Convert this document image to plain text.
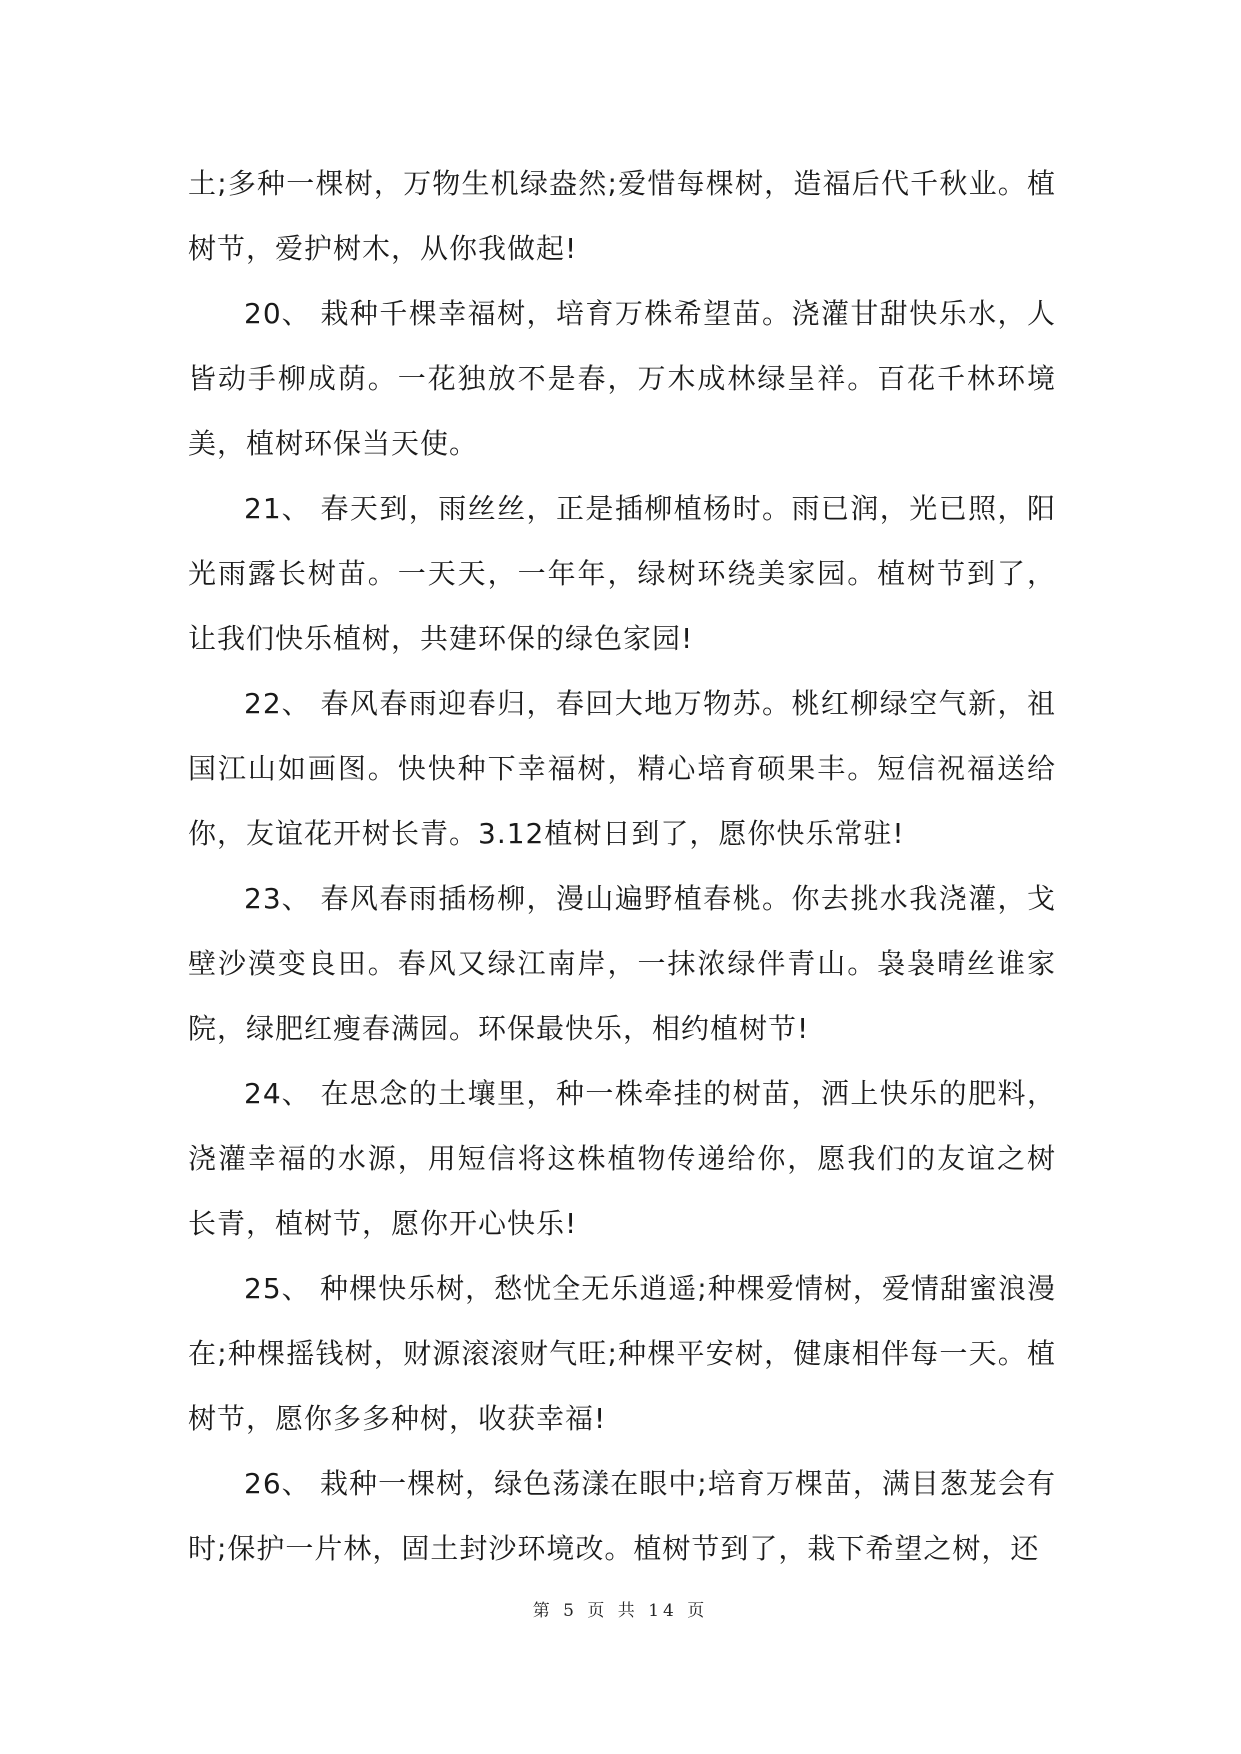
土;多种一棵树，万物生机绿盎然;爱惜每棵树，造福后代千秋业。植树节，爱护树木，从你我做起!

20、 栽种千棵幸福树，培育万株希望苗。浇灌甘甜快乐水，人皆动手柳成荫。一花独放不是春，万木成林绿呈祥。百花千林环境美，植树环保当天使。

21、 春天到，雨丝丝，正是插柳植杨时。雨已润，光已照，阳光雨露长树苗。一天天，一年年，绿树环绕美家园。植树节到了，让我们快乐植树，共建环保的绿色家园!

22、 春风春雨迎春归，春回大地万物苏。桃红柳绿空气新，祖国江山如画图。快快种下幸福树，精心培育硕果丰。短信祝福送给你，友谊花开树长青。3.12植树日到了，愿你快乐常驻!

23、 春风春雨插杨柳，漫山遍野植春桃。你去挑水我浇灌，戈壁沙漠变良田。春风又绿江南岸，一抹浓绿伴青山。袅袅晴丝谁家院，绿肥红瘦春满园。环保最快乐，相约植树节!

24、 在思念的土壤里，种一株牵挂的树苗，洒上快乐的肥料，浇灌幸福的水源，用短信将这株植物传递给你，愿我们的友谊之树长青，植树节，愿你开心快乐!

25、 种棵快乐树，愁忧全无乐逍遥;种棵爱情树，爱情甜蜜浪漫在;种棵摇钱树，财源滚滚财气旺;种棵平安树，健康相伴每一天。植树节，愿你多多种树，收获幸福!

26、 栽种一棵树，绿色荡漾在眼中;培育万棵苗，满目葱茏会有时;保护一片林，固土封沙环境改。植树节到了，栽下希望之树，还

第 5 页 共 14 页
